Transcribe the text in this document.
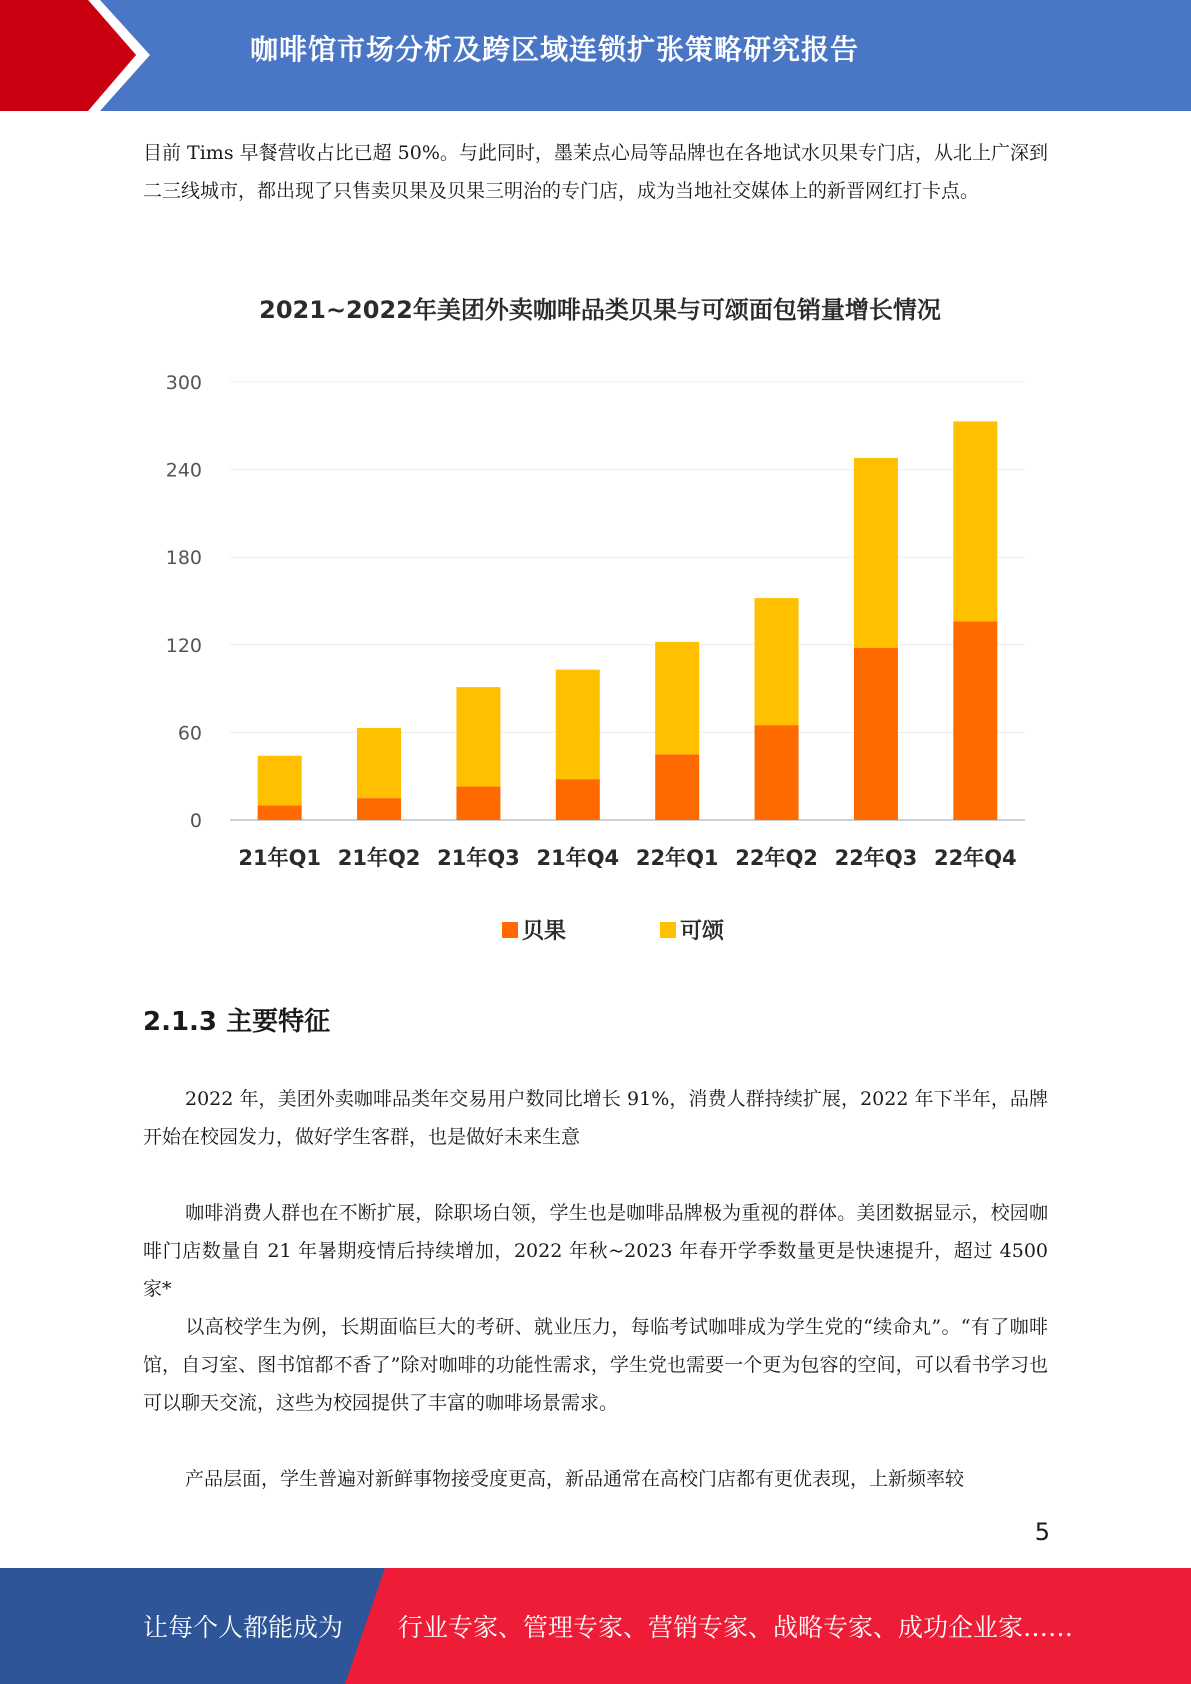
咖啡馆市场分析及跨区域连锁扩张策略研究报告

目前 Tims 早餐营收占比已超 50%。与此同时，墨茉点心局等品牌也在各地试水贝果专门店，从北上广深到二三线城市，都出现了只售卖贝果及贝果三明治的专门店，成为当地社交媒体上的新晋网红打卡点。

2021~2022年美团外卖咖啡品类贝果与可颂面包销量增长情况
0
60
120
180
240
300
21年Q1 21年Q2 21年Q3 21年Q4 22年Q1 22年Q2 22年Q3 22年Q4
贝果	可颂
2.1.3 主要特征

2022 年，美团外卖咖啡品类年交易用户数同比增长 91%，消费人群持续扩展，2022 年下半年，品牌开始在校园发力，做好学生客群，也是做好未来生意

咖啡消费人群也在不断扩展，除职场白领，学生也是咖啡品牌极为重视的群体。美团数据显示，校园咖啡门店数量自 21 年暑期疫情后持续增加，2022 年秋~2023 年春开学季数量更是快速提升，超过 4500 家*

以高校学生为例，长期面临巨大的考研、就业压力，每临考试咖啡成为学生党的“续命丸”。“有了咖啡馆，自习室、图书馆都不香了”除对咖啡的功能性需求，学生党也需要一个更为包容的空间，可以看书学习也可以聊天交流，这些为校园提供了丰富的咖啡场景需求。

产品层面，学生普遍对新鲜事物接受度更高，新品通常在高校门店都有更优表现，上新频率较

5
让每个人都能成为 行业专家、管理专家、营销专家、战略专家、成功企业家……
